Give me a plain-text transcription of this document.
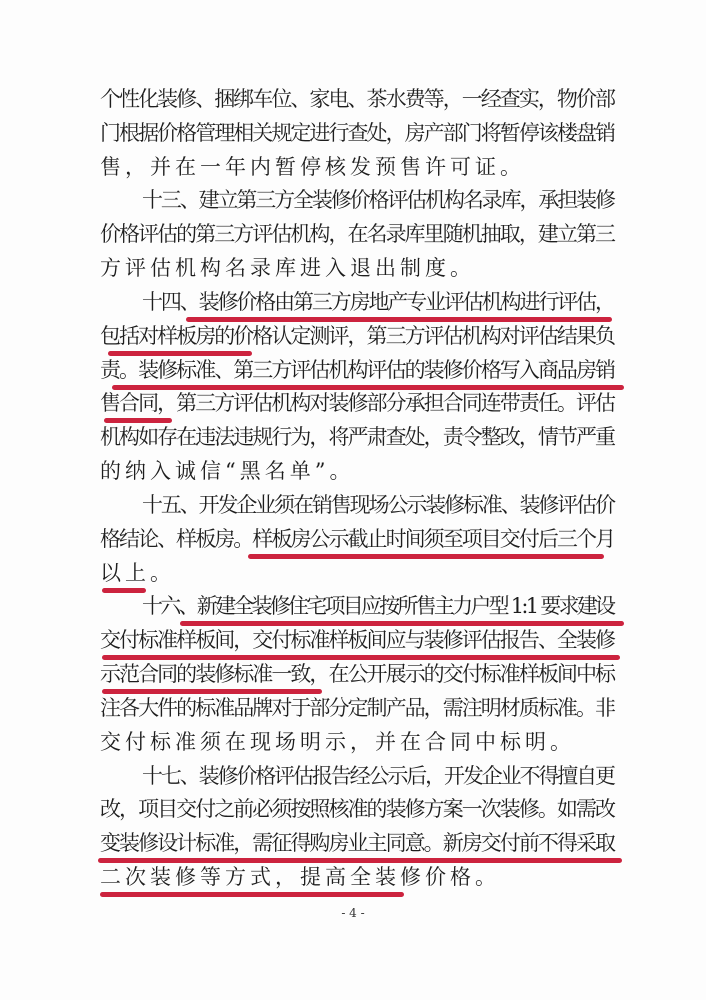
个性化装修、捆绑车位、家电、茶水费等，一经查实，物价部
门根据价格管理相关规定进行查处，房产部门将暂停该楼盘销
售，并在一年内暂停核发预售许可证。
十三、建立第三方全装修价格评估机构名录库，承担装修
价格评估的第三方评估机构，在名录库里随机抽取，建立第三
方评估机构名录库进入退出制度。
十四、装修价格由第三方房地产专业评估机构进行评估，
包括对样板房的价格认定测评，第三方评估机构对评估结果负
责。装修标准、第三方评估机构评估的装修价格写入商品房销
售合同，第三方评估机构对装修部分承担合同连带责任。评估
机构如存在违法违规行为，将严肃查处，责令整改，情节严重
的纳入诚信“黑名单”。
十五、开发企业须在销售现场公示装修标准、装修评估价
格结论、样板房。样板房公示截止时间须至项目交付后三个月
以上。
十六、新建全装修住宅项目应按所售主力户型 1:1 要求建设
交付标准样板间，交付标准样板间应与装修评估报告、全装修
示范合同的装修标准一致，在公开展示的交付标准样板间中标
注各大件的标准品牌对于部分定制产品，需注明材质标准。非
交付标准须在现场明示，并在合同中标明。
十七、装修价格评估报告经公示后，开发企业不得擅自更
改，项目交付之前必须按照核准的装修方案一次装修。如需改
变装修设计标准，需征得购房业主同意。新房交付前不得采取
二次装修等方式，提高全装修价格。
- 4 -
